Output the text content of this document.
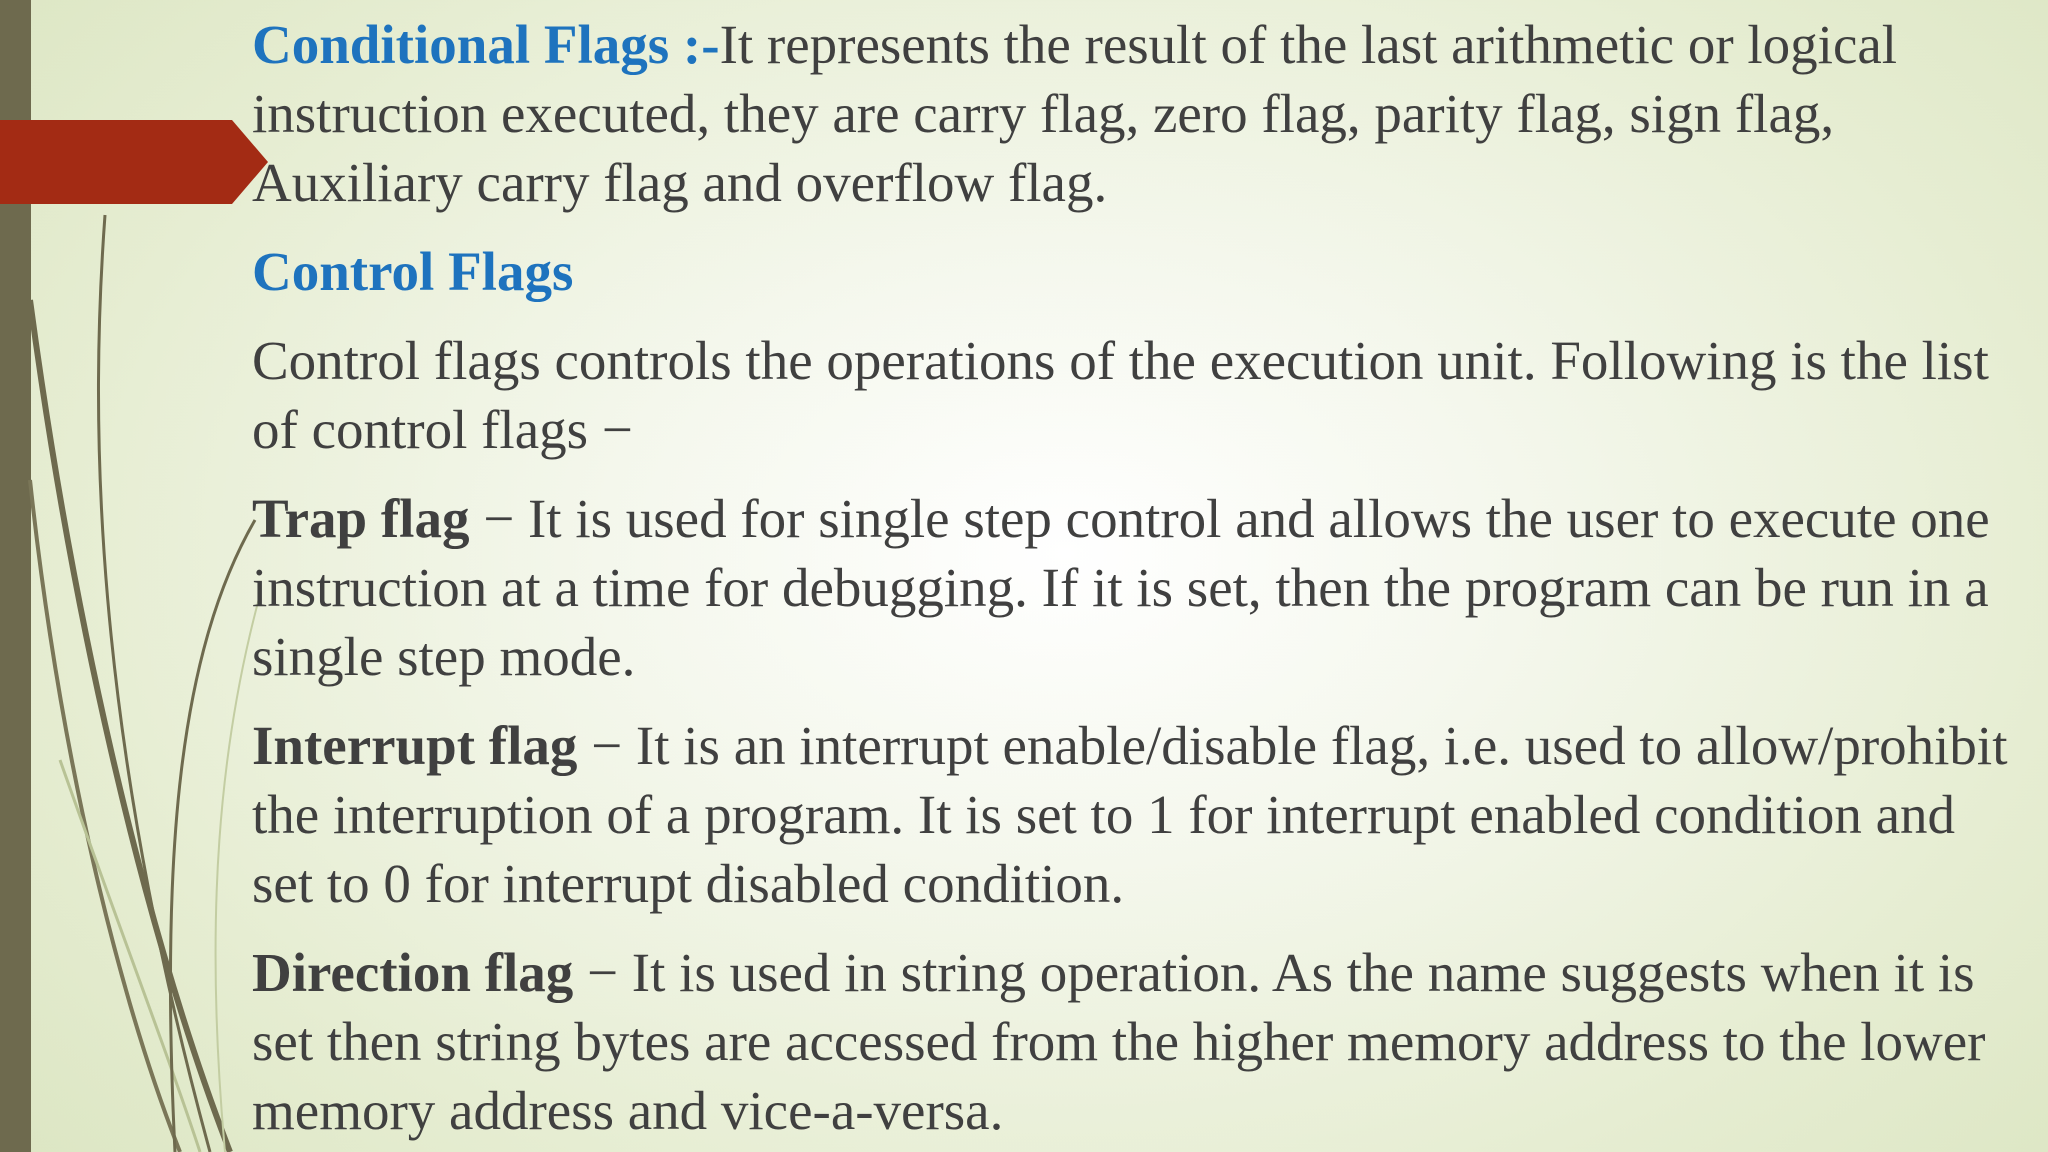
Conditional Flags :-It represents the result of the last arithmetic or logical instruction executed, they are carry flag, zero flag, parity flag, sign flag, Auxiliary carry flag and overflow flag.

Control Flags

Control flags controls the operations of the execution unit. Following is the list of control flags −

Trap flag − It is used for single step control and allows the user to execute one instruction at a time for debugging. If it is set, then the program can be run in a single step mode.

Interrupt flag − It is an interrupt enable/disable flag, i.e. used to allow/prohibit the interruption of a program. It is set to 1 for interrupt enabled condition and set to 0 for interrupt disabled condition.

Direction flag − It is used in string operation. As the name suggests when it is set then string bytes are accessed from the higher memory address to the lower memory address and vice-a-versa.
